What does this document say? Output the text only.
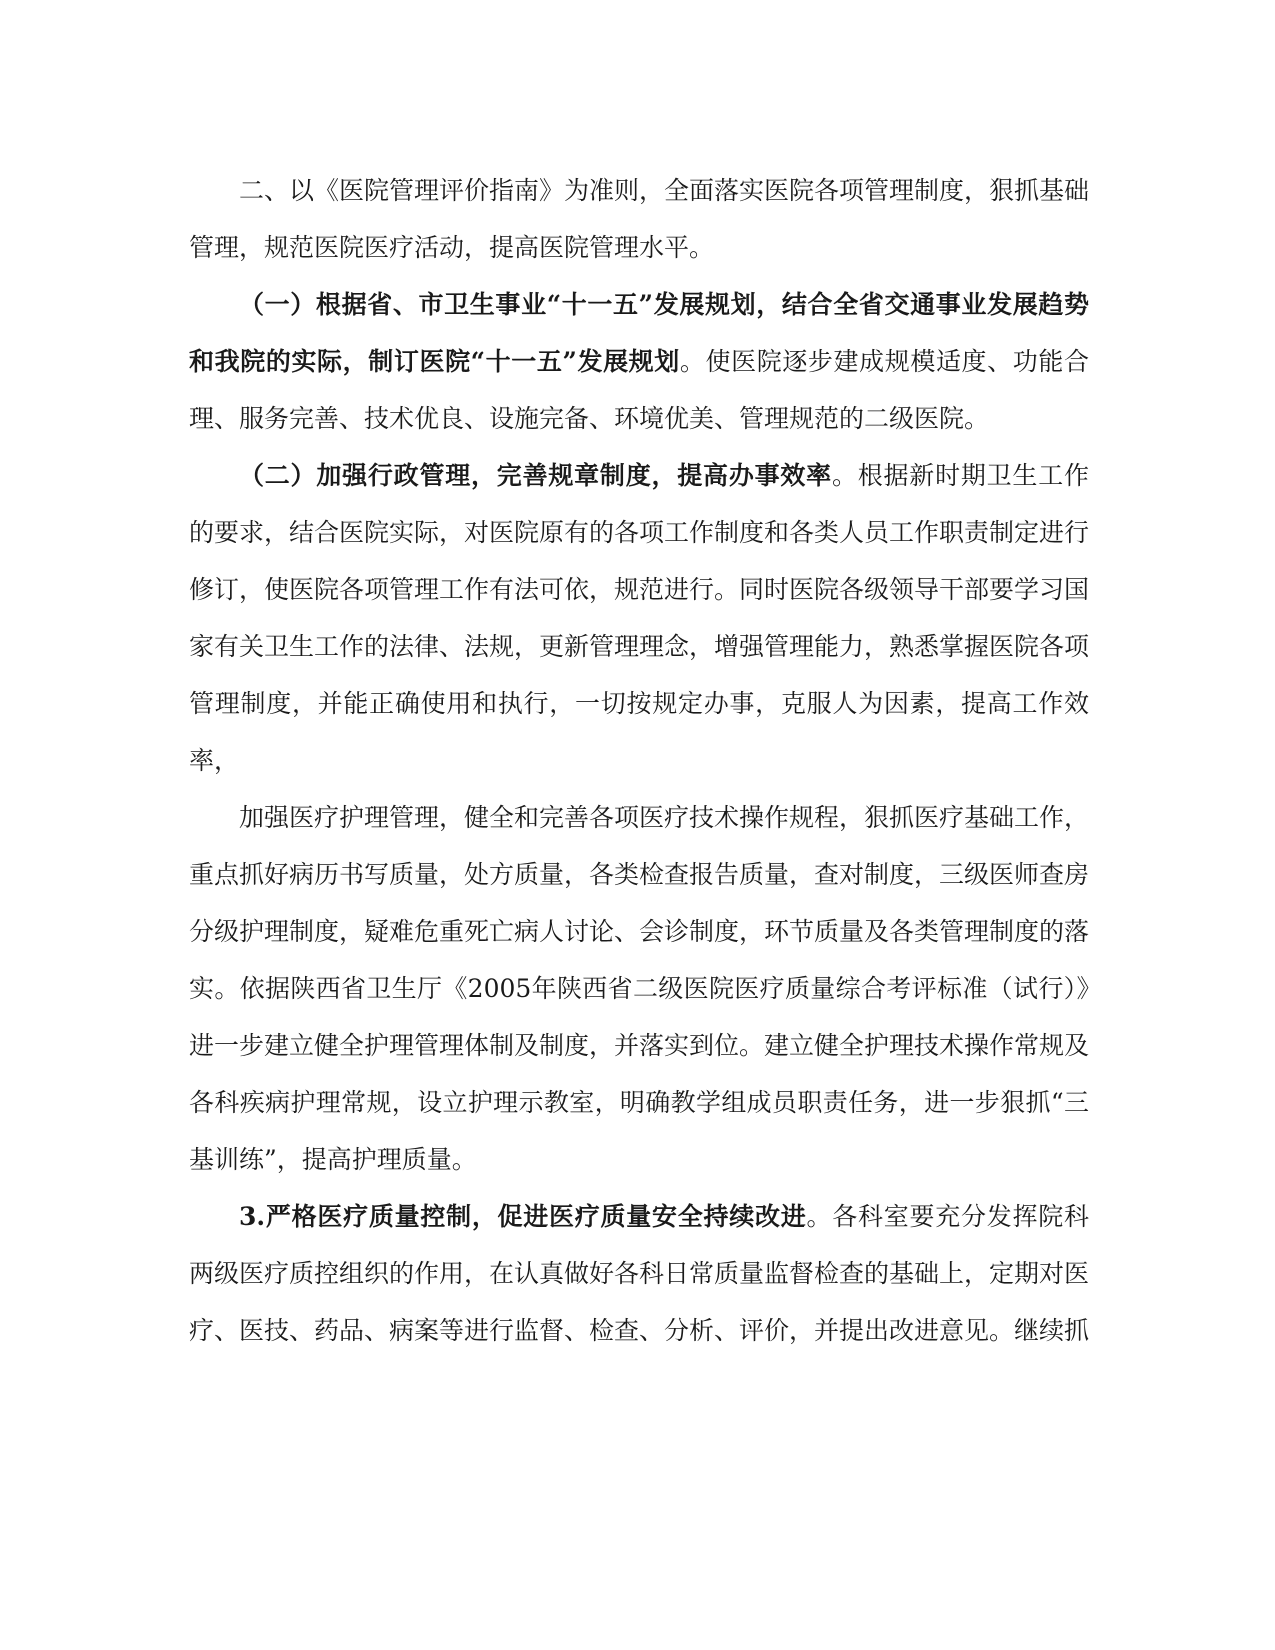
二、以《医院管理评价指南》为准则，全面落实医院各项管理制度，狠抓基础管理，规范医院医疗活动，提高医院管理水平。

（一）根据省、市卫生事业“十一五”发展规划，结合全省交通事业发展趋势和我院的实际，制订医院“十一五”发展规划。使医院逐步建成规模适度、功能合理、服务完善、技术优良、设施完备、环境优美、管理规范的二级医院。

（二）加强行政管理，完善规章制度，提高办事效率。根据新时期卫生工作的要求，结合医院实际，对医院原有的各项工作制度和各类人员工作职责制定进行修订，使医院各项管理工作有法可依，规范进行。同时医院各级领导干部要学习国家有关卫生工作的法律、法规，更新管理理念，增强管理能力，熟悉掌握医院各项管理制度，并能正确使用和执行，一切按规定办事，克服人为因素，提高工作效率，

加强医疗护理管理，健全和完善各项医疗技术操作规程，狠抓医疗基础工作，重点抓好病历书写质量，处方质量，各类检查报告质量，查对制度，三级医师查房分级护理制度，疑难危重死亡病人讨论、会诊制度，环节质量及各类管理制度的落实。依据陕西省卫生厅《2005年陕西省二级医院医疗质量综合考评标准（试行）》进一步建立健全护理管理体制及制度，并落实到位。建立健全护理技术操作常规及各科疾病护理常规，设立护理示教室，明确教学组成员职责任务，进一步狠抓“三基训练”，提高护理质量。

3.严格医疗质量控制，促进医疗质量安全持续改进。各科室要充分发挥院科两级医疗质控组织的作用，在认真做好各科日常质量监督检查的基础上，定期对医疗、医技、药品、病案等进行监督、检查、分析、评价，并提出改进意见。继续抓
